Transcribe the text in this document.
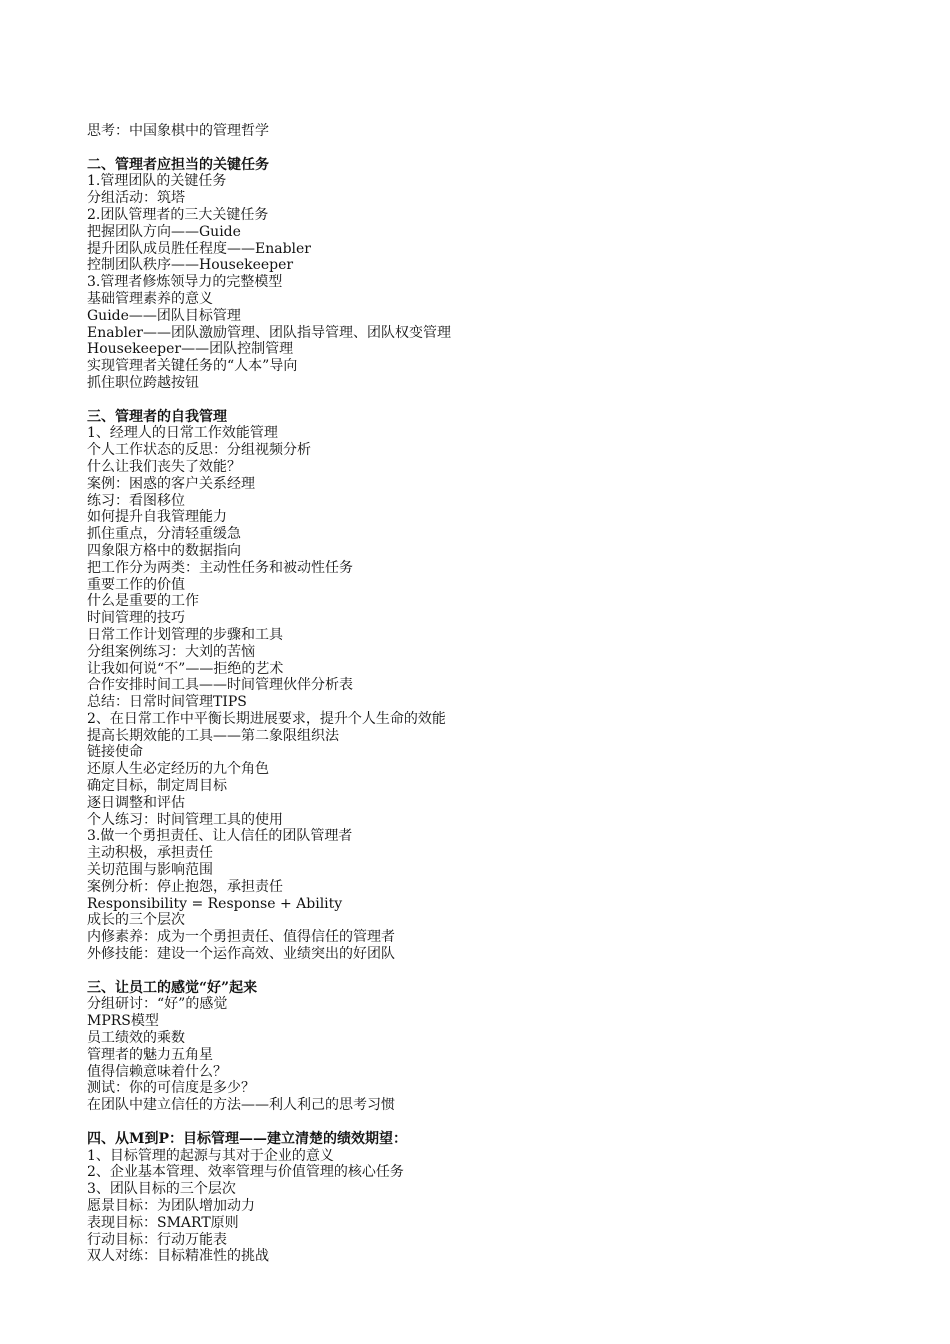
思考：中国象棋中的管理哲学
二、管理者应担当的关键任务
1.管理团队的关键任务
分组活动：筑塔
2.团队管理者的三大关键任务
把握团队方向——Guide
提升团队成员胜任程度——Enabler
控制团队秩序——Housekeeper
3.管理者修炼领导力的完整模型
基础管理素养的意义
Guide——团队目标管理
Enabler——团队激励管理、团队指导管理、团队权变管理
Housekeeper——团队控制管理
实现管理者关键任务的“人本”导向
抓住职位跨越按钮
三、管理者的自我管理
1、经理人的日常工作效能管理
个人工作状态的反思：分组视频分析
什么让我们丧失了效能？
案例：困惑的客户关系经理
练习：看图移位
如何提升自我管理能力
抓住重点，分清轻重缓急
四象限方格中的数据指向
把工作分为两类：主动性任务和被动性任务
重要工作的价值
什么是重要的工作
时间管理的技巧
日常工作计划管理的步骤和工具
分组案例练习：大刘的苦恼
让我如何说“不”——拒绝的艺术
合作安排时间工具——时间管理伙伴分析表
总结：日常时间管理TIPS
2、在日常工作中平衡长期进展要求，提升个人生命的效能
提高长期效能的工具——第二象限组织法
链接使命
还原人生必定经历的九个角色
确定目标，制定周目标
逐日调整和评估
个人练习：时间管理工具的使用
3.做一个勇担责任、让人信任的团队管理者
主动积极，承担责任
关切范围与影响范围
案例分析：停止抱怨，承担责任
Responsibility = Response + Ability
成长的三个层次
内修素养：成为一个勇担责任、值得信任的管理者
外修技能：建设一个运作高效、业绩突出的好团队
三、让员工的感觉“好”起来
分组研讨：“好”的感觉
MPRS模型
员工绩效的乘数
管理者的魅力五角星
值得信赖意味着什么？
测试：你的可信度是多少？
在团队中建立信任的方法——利人利己的思考习惯
四、从M到P：目标管理——建立清楚的绩效期望：
1、目标管理的起源与其对于企业的意义
2、企业基本管理、效率管理与价值管理的核心任务
3、团队目标的三个层次
愿景目标：为团队增加动力
表现目标：SMART原则
行动目标：行动万能表
双人对练：目标精准性的挑战
